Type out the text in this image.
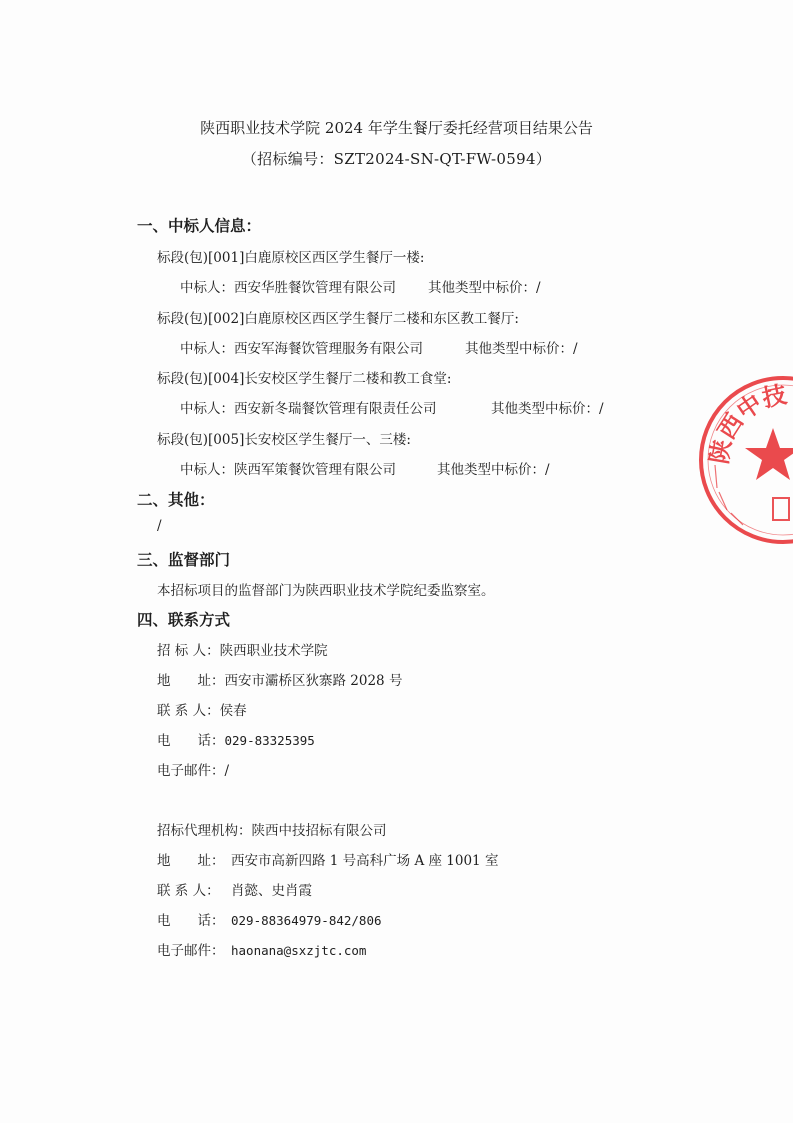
陕西职业技术学院 2024 年学生餐厅委托经营项目结果公告
（招标编号：SZT2024-SN-QT-FW-0594）
一、中标人信息：
标段(包)[001]白鹿原校区西区学生餐厅一楼:
中标人：西安华胜餐饮管理有限公司 其他类型中标价：/
标段(包)[002]白鹿原校区西区学生餐厅二楼和东区教工餐厅:
中标人：西安军海餐饮管理服务有限公司	其他类型中标价：/
标段(包)[004]长安校区学生餐厅二楼和教工食堂:
中标人：西安新冬瑞餐饮管理有限责任公司	其他类型中标价：/
标段(包)[005]长安校区学生餐厅一、三楼:
中标人：陕西军策餐饮管理有限公司	其他类型中标价：/
二、其他：
/
三、监督部门
本招标项目的监督部门为陕西职业技术学院纪委监察室。
四、联系方式
招 标 人：陕西职业技术学院
地　　址：西安市灞桥区狄寨路 2028 号
联 系 人：侯春
电　　话：029-83325395
电子邮件：/
招标代理机构：陕西中技招标有限公司
地　　址： 西安市高新四路 1 号高科广场 A 座 1001 室
联 系 人： 肖懿、史肖霞
电　　话： 029-88364979-842/806
电子邮件： haonana@sxzjtc.com
陕西中技
